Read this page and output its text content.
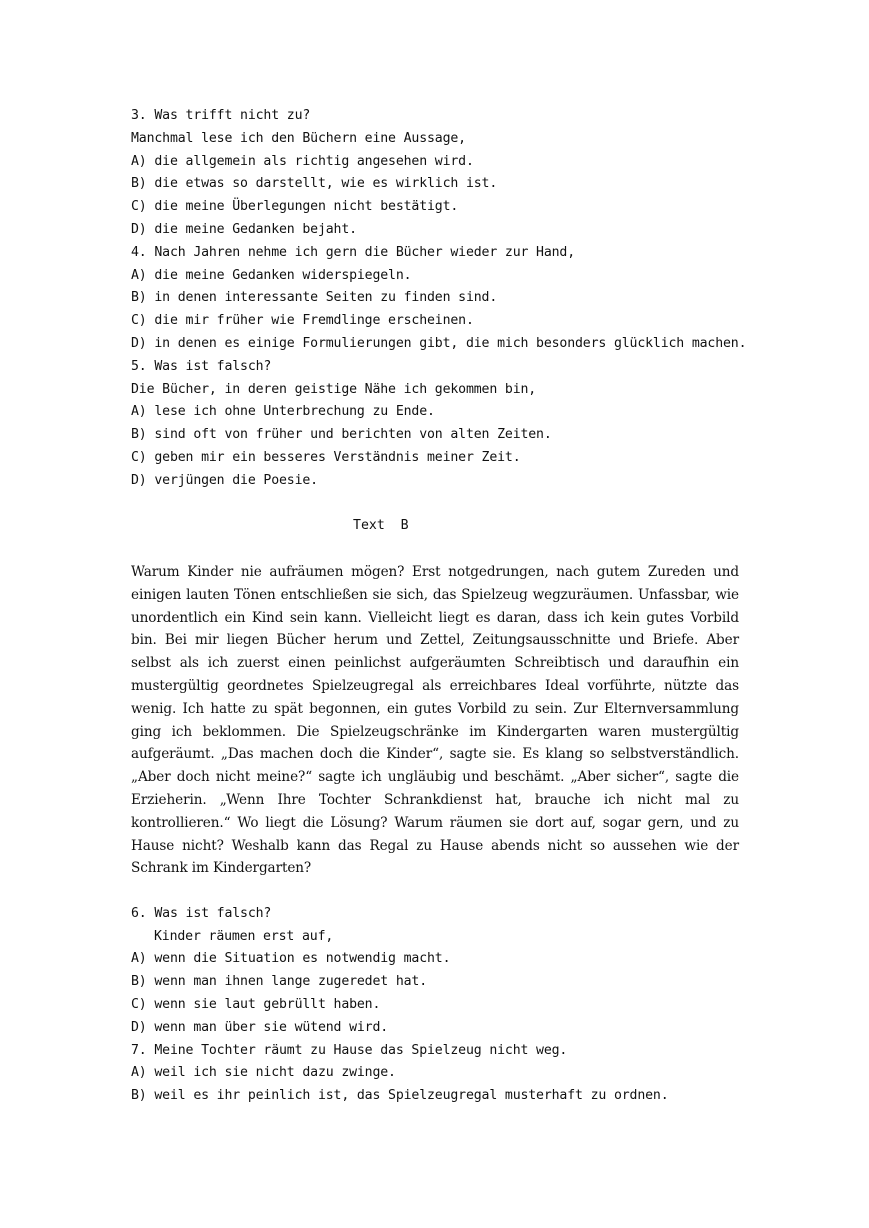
3. Was trifft nicht zu?
Manchmal lese ich den Büchern eine Aussage,
A) die allgemein als richtig angesehen wird.
B) die etwas so darstellt, wie es wirklich ist.
C) die meine Überlegungen nicht bestätigt.
D) die meine Gedanken bejaht.
4. Nach Jahren nehme ich gern die Bücher wieder zur Hand,
A) die meine Gedanken widerspiegeln.
B) in denen interessante Seiten zu finden sind.
C) die mir früher wie Fremdlinge erscheinen.
D) in denen es einige Formulierungen gibt, die mich besonders glücklich machen.
5. Was ist falsch?
Die Bücher, in deren geistige Nähe ich gekommen bin,
A) lese ich ohne Unterbrechung zu Ende.
B) sind oft von früher und berichten von alten Zeiten.
C) geben mir ein besseres Verständnis meiner Zeit.
D) verjüngen die Poesie.
Text  B
Warum Kinder nie aufräumen mögen? Erst notgedrungen, nach gutem Zureden und einigen lauten Tönen entschließen sie sich, das Spielzeug wegzuräumen. Unfassbar, wie unordentlich ein Kind sein kann. Vielleicht liegt es daran, dass ich kein gutes Vorbild bin. Bei mir liegen Bücher herum und Zettel, Zeitungsausschnitte und Briefe. Aber selbst als ich zuerst einen peinlichst aufgeräumten Schreibtisch und daraufhin ein mustergültig geordnetes Spielzeugregal als erreichbares Ideal vorführte, nützte das wenig. Ich hatte zu spät begonnen, ein gutes Vorbild zu sein. Zur Elternversammlung ging ich beklommen. Die Spielzeugschränke im Kindergarten waren mustergültig aufgeräumt. „Das machen doch die Kinder“, sagte sie. Es klang so selbstverständlich. „Aber doch nicht meine?“ sagte ich ungläubig und beschämt. „Aber sicher“, sagte die Erzieherin. „Wenn Ihre Tochter Schrankdienst hat, brauche ich nicht mal zu kontrollieren.“ Wo liegt die Lösung? Warum räumen sie dort auf, sogar gern, und zu Hause nicht? Weshalb kann das Regal zu Hause abends nicht so aussehen wie der Schrank im Kindergarten?
6. Was ist falsch?
Kinder räumen erst auf,
A) wenn die Situation es notwendig macht.
B) wenn man ihnen lange zugeredet hat.
C) wenn sie laut gebrüllt haben.
D) wenn man über sie wütend wird.
7. Meine Tochter räumt zu Hause das Spielzeug nicht weg.
A) weil ich sie nicht dazu zwinge.
B) weil es ihr peinlich ist, das Spielzeugregal musterhaft zu ordnen.
